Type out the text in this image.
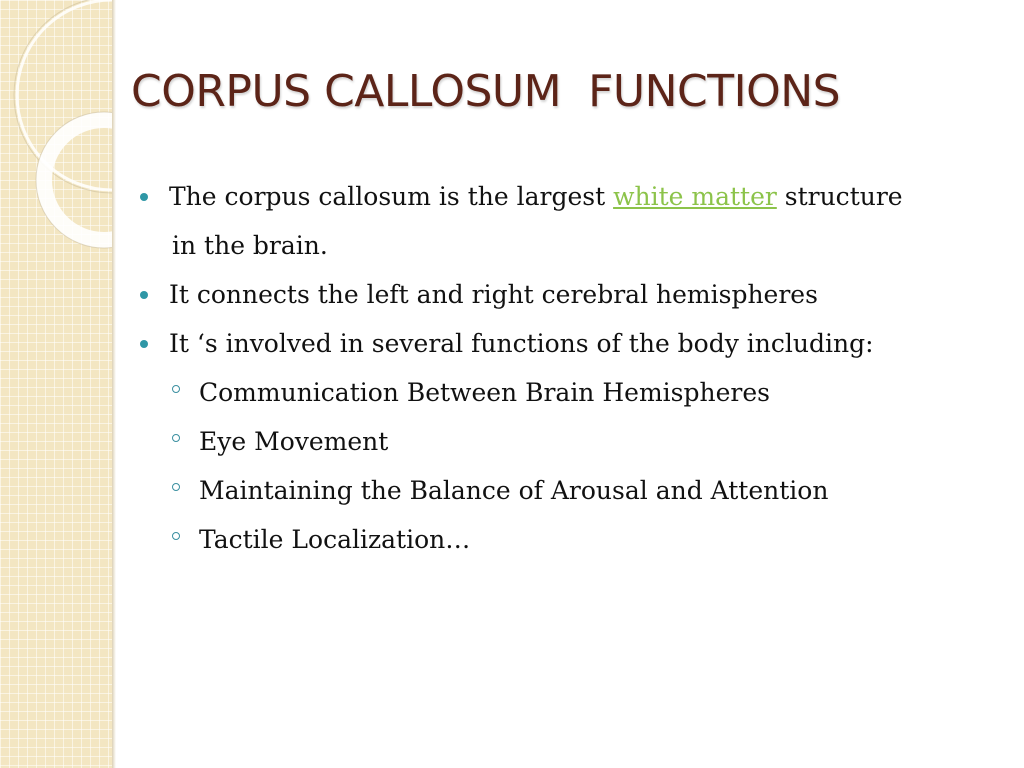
CORPUS CALLOSUM  FUNCTIONS
The corpus callosum is the largest white matter structure
in the brain.
It connects the left and right cerebral hemispheres
It ‘s involved in several functions of the body including:
Communication Between Brain Hemispheres
Eye Movement
Maintaining the Balance of Arousal and Attention
Tactile Localization…
